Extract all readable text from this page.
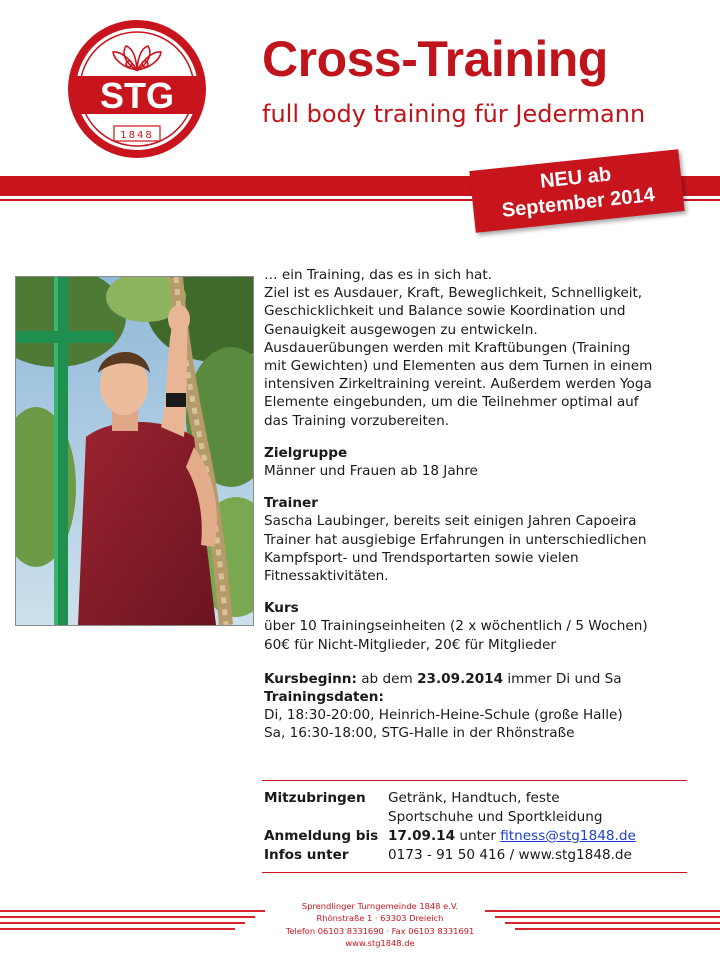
STG
1848
Cross-Training
full body training für Jedermann
NEU ab
September 2014

… ein Training, das es in sich hat.

Ziel ist es Ausdauer, Kraft, Beweglichkeit, Schnelligkeit,

Geschicklichkeit und Balance sowie Koordination und

Genauigkeit ausgewogen zu entwickeln.

Ausdauerübungen werden mit Kraftübungen (Training

mit Gewichten) und Elementen aus dem Turnen in einem

intensiven Zirkeltraining vereint. Außerdem werden Yoga

Elemente eingebunden, um die Teilnehmer optimal auf

das Training vorzubereiten.

Zielgruppe

Männer und Frauen ab 18 Jahre

Trainer

Sascha Laubinger, bereits seit einigen Jahren Capoeira

Trainer hat ausgiebige Erfahrungen in unterschiedlichen

Kampfsport- und Trendsportarten sowie vielen

Fitnessaktivitäten.

Kurs

über 10 Trainingseinheiten (2 x wöchentlich / 5 Wochen)

60€ für Nicht-Mitglieder, 20€ für Mitglieder

Kursbeginn: ab dem 23.09.2014 immer Di und Sa

Trainingsdaten:

Di, 18:30-20:00, Heinrich-Heine-Schule (große Halle)

Sa, 16:30-18:00, STG-Halle in der Rhönstraße

Mitzubringen	Getränk, Handtuch, feste
Sportschuhe und Sportkleidung
Anmeldung bis 17.09.14 unter fitness@stg1848.de
Infos unter	0173 - 91 50 416 / www.stg1848.de
Sprendlinger Turngemeinde 1848 e.V.
Rhönstraße 1 · 63303 Dreieich
Telefon 06103 8331690 · Fax 06103 8331691
www.stg1848.de
